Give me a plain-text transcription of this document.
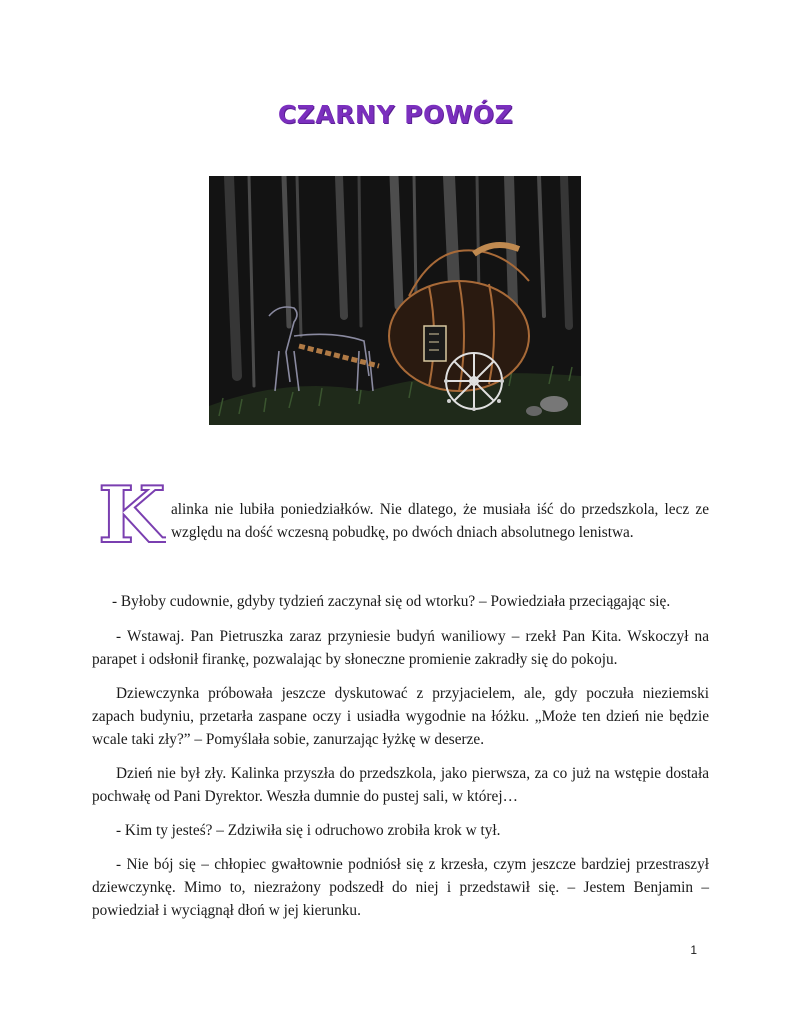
CZARNY POWÓZ
K alinka nie lubiła poniedziałków. Nie dlatego, że musiała iść do przedszkola, lecz ze
względu na dość wczesną pobudkę, po dwóch dniach absolutnego lenistwa.

- Byłoby cudownie, gdyby tydzień zaczynał się od wtorku? – Powiedziała przeciągając się.

- Wstawaj. Pan Pietruszka zaraz przyniesie budyń waniliowy – rzekł Pan Kita. Wskoczył na parapet i odsłonił firankę, pozwalając by słoneczne promienie zakradły się do pokoju.

Dziewczynka próbowała jeszcze dyskutować z przyjacielem, ale, gdy poczuła nieziemski zapach budyniu, przetarła zaspane oczy i usiadła wygodnie na łóżku. „Może ten dzień nie będzie wcale taki zły?” – Pomyślała sobie, zanurzając łyżkę w deserze.

Dzień nie był zły. Kalinka przyszła do przedszkola, jako pierwsza, za co już na wstępie dostała pochwałę od Pani Dyrektor. Weszła dumnie do pustej sali, w której…

- Kim ty jesteś? – Zdziwiła się i odruchowo zrobiła krok w tył.

- Nie bój się – chłopiec gwałtownie podniósł się z krzesła, czym jeszcze bardziej przestraszył dziewczynkę. Mimo to, niezrażony podszedł do niej i przedstawił się. – Jestem Benjamin – powiedział i wyciągnął dłoń w jej kierunku.

1
